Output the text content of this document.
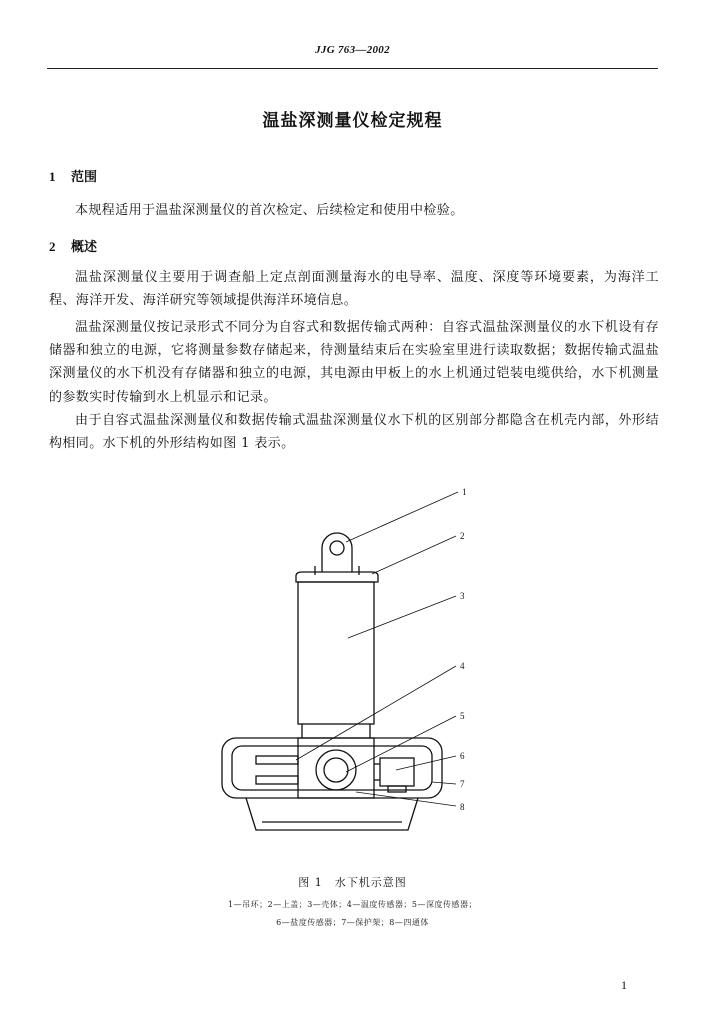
JJG 763—2002
温盐深测量仪检定规程
1 范围
本规程适用于温盐深测量仪的首次检定、后续检定和使用中检验。
2 概述
温盐深测量仪主要用于调查船上定点剖面测量海水的电导率、温度、深度等环境要素，为海洋工程、海洋开发、海洋研究等领域提供海洋环境信息。
温盐深测量仪按记录形式不同分为自容式和数据传输式两种：自容式温盐深测量仪的水下机设有存储器和独立的电源，它将测量参数存储起来，待测量结束后在实验室里进行读取数据；数据传输式温盐深测量仪的水下机没有存储器和独立的电源，其电源由甲板上的水上机通过铠装电缆供给，水下机测量的参数实时传输到水上机显示和记录。
由于自容式温盐深测量仪和数据传输式温盐深测量仪水下机的区别部分都隐含在机壳内部，外形结构相同。水下机的外形结构如图 1 表示。
1
2
3
4
5
6
7
8
图 1　水下机示意图
1—吊环；2—上盖；3—壳体；4—温度传感器；5—深度传感器；
6—盐度传感器；7—保护架；8—四通体
1
